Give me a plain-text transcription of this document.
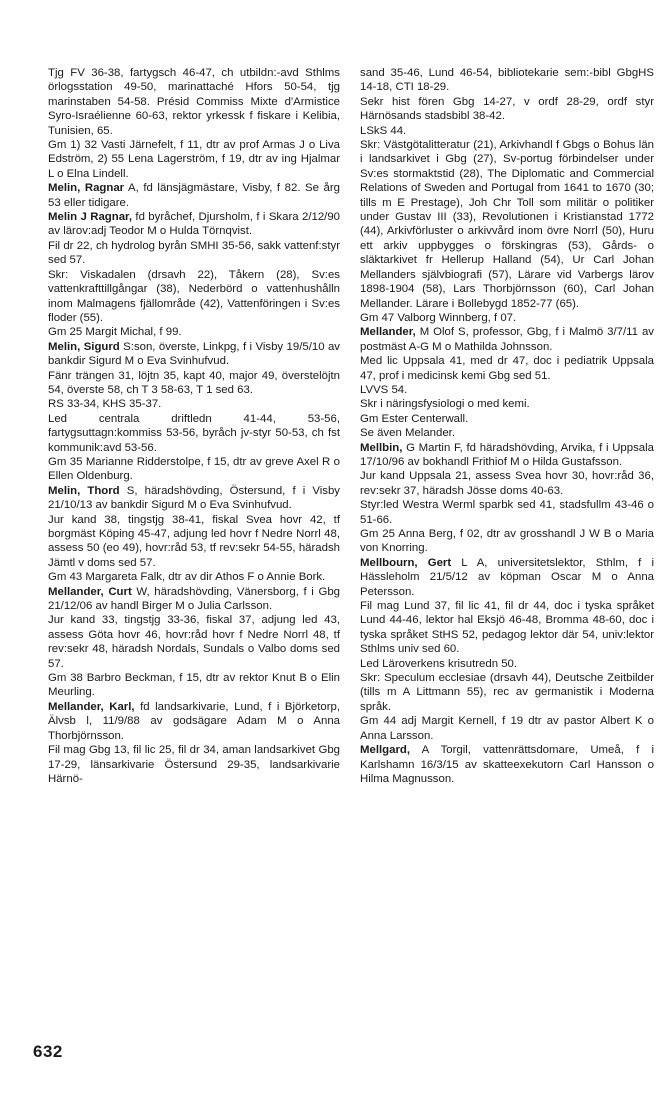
Tjg FV 36-38, fartygsch 46-47, ch utbildn:-avd Sthlms örlogsstation 49-50, marinattaché Hfors 50-54, tjg marinstaben 54-58. Présid Commiss Mixte d'Armistice Syro-Israélienne 60-63, rektor yrkessk f fiskare i Kelibia, Tunisien, 65.

Gm 1) 32 Vasti Järnefelt, f 11, dtr av prof Armas J o Liva Edström, 2) 55 Lena Lagerström, f 19, dtr av ing Hjalmar L o Elna Lindell.

Melin, Ragnar A, fd länsjägmästare, Visby, f 82. Se årg 53 eller tidigare.

Melin J Ragnar, fd byråchef, Djursholm, f i Skara 2/12/90 av lärov:adj Teodor M o Hulda Törnqvist.

Fil dr 22, ch hydrolog byrån SMHI 35-56, sakk vattenf:styr sed 57.

Skr: Viskadalen (drsavh 22), Tåkern (28), Sv:es vattenkrafttillgångar (38), Nederbörd o vattenhushålln inom Malmagens fjällområde (42), Vattenföringen i Sv:es floder (55).

Gm 25 Margit Michal, f 99.

Melin, Sigurd S:son, överste, Linkpg, f i Visby 19/5/10 av bankdir Sigurd M o Eva Svinhufvud.

Fänr trängen 31, löjtn 35, kapt 40, major 49, överstelöjtn 54, överste 58, ch T 3 58-63, T 1 sed 63.

RS 33-34, KHS 35-37.

Led centrala driftledn 41-44, 53-56, fartygsuttagn:kommiss 53-56, byråch jv-styr 50-53, ch fst kommunik:avd 53-56.

Gm 35 Marianne Ridderstolpe, f 15, dtr av greve Axel R o Ellen Oldenburg.

Melin, Thord S, häradshövding, Östersund, f i Visby 21/10/13 av bankdir Sigurd M o Eva Svinhufvud.

Jur kand 38, tingstjg 38-41, fiskal Svea hovr 42, tf borgmäst Köping 45-47, adjung led hovr f Nedre Norrl 48, assess 50 (eo 49), hovr:råd 53, tf rev:sekr 54-55, häradsh Jämtl v doms sed 57.

Gm 43 Margareta Falk, dtr av dir Athos F o Annie Bork.

Mellander, Curt W, häradshövding, Vänersborg, f i Gbg 21/12/06 av handl Birger M o Julia Carlsson.

Jur kand 33, tingstjg 33-36, fiskal 37, adjung led 43, assess Göta hovr 46, hovr:råd hovr f Nedre Norrl 48, tf rev:sekr 48, häradsh Nordals, Sundals o Valbo doms sed 57.

Gm 38 Barbro Beckman, f 15, dtr av rektor Knut B o Elin Meurling.

Mellander, Karl, fd landsarkivarie, Lund, f i Björketorp, Älvsb l, 11/9/88 av godsägare Adam M o Anna Thorbjörnsson.

Fil mag Gbg 13, fil lic 25, fil dr 34, aman landsarkivet Gbg 17-29, länsarkivarie Östersund 29-35, landsarkivarie Härnö-

sand 35-46, Lund 46-54, bibliotekarie sem:-bibl GbgHS 14-18, CTI 18-29.

Sekr hist fören Gbg 14-27, v ordf 28-29, ordf styr Härnösands stadsbibl 38-42.

LSkS 44.

Skr: Västgötalitteratur (21), Arkivhandl f Gbgs o Bohus län i landsarkivet i Gbg (27), Sv-portug förbindelser under Sv:es stormaktstid (28), The Diplomatic and Commercial Relations of Sweden and Portugal from 1641 to 1670 (30; tills m E Prestage), Joh Chr Toll som militär o politiker under Gustav III (33), Revolutionen i Kristianstad 1772 (44), Arkivförluster o arkivvård inom övre Norrl (50), Huru ett arkiv uppbygges o förskingras (53), Gårds- o släktarkivet fr Hellerup Halland (54), Ur Carl Johan Mellanders självbiografi (57), Lärare vid Varbergs lärov 1898-1904 (58), Lars Thorbjörnsson (60), Carl Johan Mellander. Lärare i Bollebygd 1852-77 (65).

Gm 47 Valborg Winnberg, f 07.

Mellander, M Olof S, professor, Gbg, f i Malmö 3/7/11 av postmäst A-G M o Mathilda Johnsson.

Med lic Uppsala 41, med dr 47, doc i pediatrik Uppsala 47, prof i medicinsk kemi Gbg sed 51.

LVVS 54.

Skr i näringsfysiologi o med kemi.

Gm Ester Centerwall.

Se även Melander.

Mellbin, G Martin F, fd häradshövding, Arvika, f i Uppsala 17/10/96 av bokhandl Frithiof M o Hilda Gustafsson.

Jur kand Uppsala 21, assess Svea hovr 30, hovr:råd 36, rev:sekr 37, häradsh Jösse doms 40-63.

Styr:led Westra Werml sparbk sed 41, stadsfullm 43-46 o 51-66.

Gm 25 Anna Berg, f 02, dtr av grosshandl J W B o Maria von Knorring.

Mellbourn, Gert L A, universitetslektor, Sthlm, f i Hässleholm 21/5/12 av köpman Oscar M o Anna Petersson.

Fil mag Lund 37, fil lic 41, fil dr 44, doc i tyska språket Lund 44-46, lektor hal Eksjö 46-48, Bromma 48-60, doc i tyska språket StHS 52, pedagog lektor där 54, univ:lektor Sthlms univ sed 60.

Led Läroverkens krisutredn 50.

Skr: Speculum ecclesiae (drsavh 44), Deutsche Zeitbilder (tills m A Littmann 55), rec av germanistik i Moderna språk.

Gm 44 adj Margit Kernell, f 19 dtr av pastor Albert K o Anna Larsson.

Mellgard, A Torgil, vattenrättsdomare, Umeå, f i Karlshamn 16/3/15 av skatteexekutorn Carl Hansson o Hilma Magnusson.

632
